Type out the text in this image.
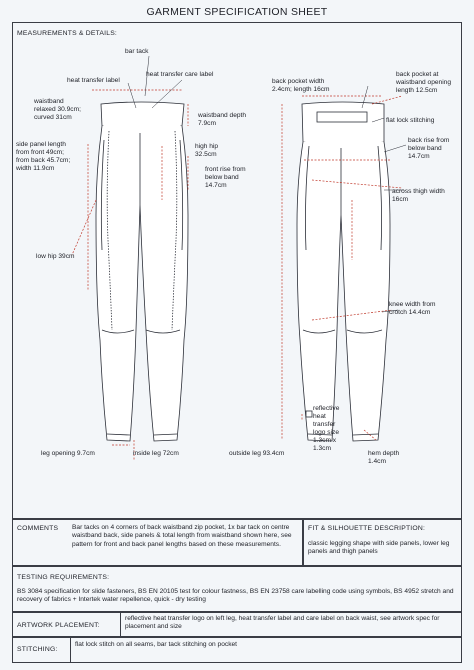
GARMENT SPECIFICATION SHEET
MEASUREMENTS & DETAILS:
bar tack
heat transfer label
heat transfer care label
waistband
relaxed 30.9cm;
curved 31cm	waistband depth
7.9cm
side panel length
from front 49cm;
from back 45.7cm;
width 11.9cm
high hip
32.5cm
front rise from
below band
14.7cm
low hip 39cm
leg opening 9.7cm	inside leg 72cm
back pocket width
2.4cm; length 16cm
back pocket at
waistband opening
length 12.5cm
flat lock stitching
back rise from
below band
14.7cm
across thigh width
16cm
knee width from
crotch 14.4cm
reflective
heat
transfer
logo size
1.3cm x
1.3cm
outside leg 93.4cm	hem depth
1.4cm
COMMENTS Bar tacks on 4 corners of back waistband zip pocket, 1x bar tack on centre waistband back, side panels & total length from waistband shown here, see pattern for front and back panel lengths based on these measurements.
FIT & SILHOUETTE DESCRIPTION:
classic legging shape with side panels, lower leg panels and thigh panels
TESTING REQUIREMENTS:
BS 3084 specification for slide fasteners, BS EN 20105 test for colour fastness, BS EN 23758 care labelling code using symbols, BS 4952 stretch and recovery of fabrics + Intertek water repellence, quick - dry testing
ARTWORK PLACEMENT:
reflective heat transfer logo on left leg, heat transfer label and care label on back waist, see artwork spec for placement and size
STITCHING:
flat lock stitch on all seams, bar tack stitching on pocket
